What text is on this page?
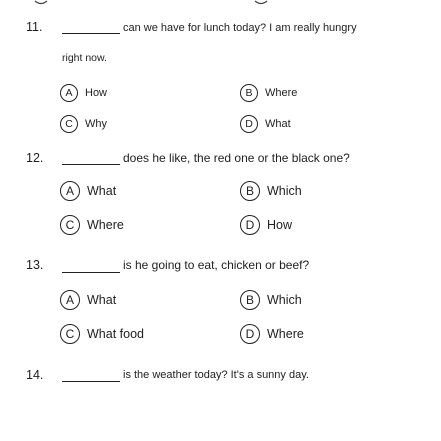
11.	can we have for lunch today? I am really hungry
right now.
A	How	B	Where
C	Why	D	What
12.	does he like, the red one or the black one?
A	What	B	Which
C	Where	D	How
13.	is he going to eat, chicken or beef?
A	What	B	Which
C	What food	D	Where
14.	is the weather today? It's a sunny day.
